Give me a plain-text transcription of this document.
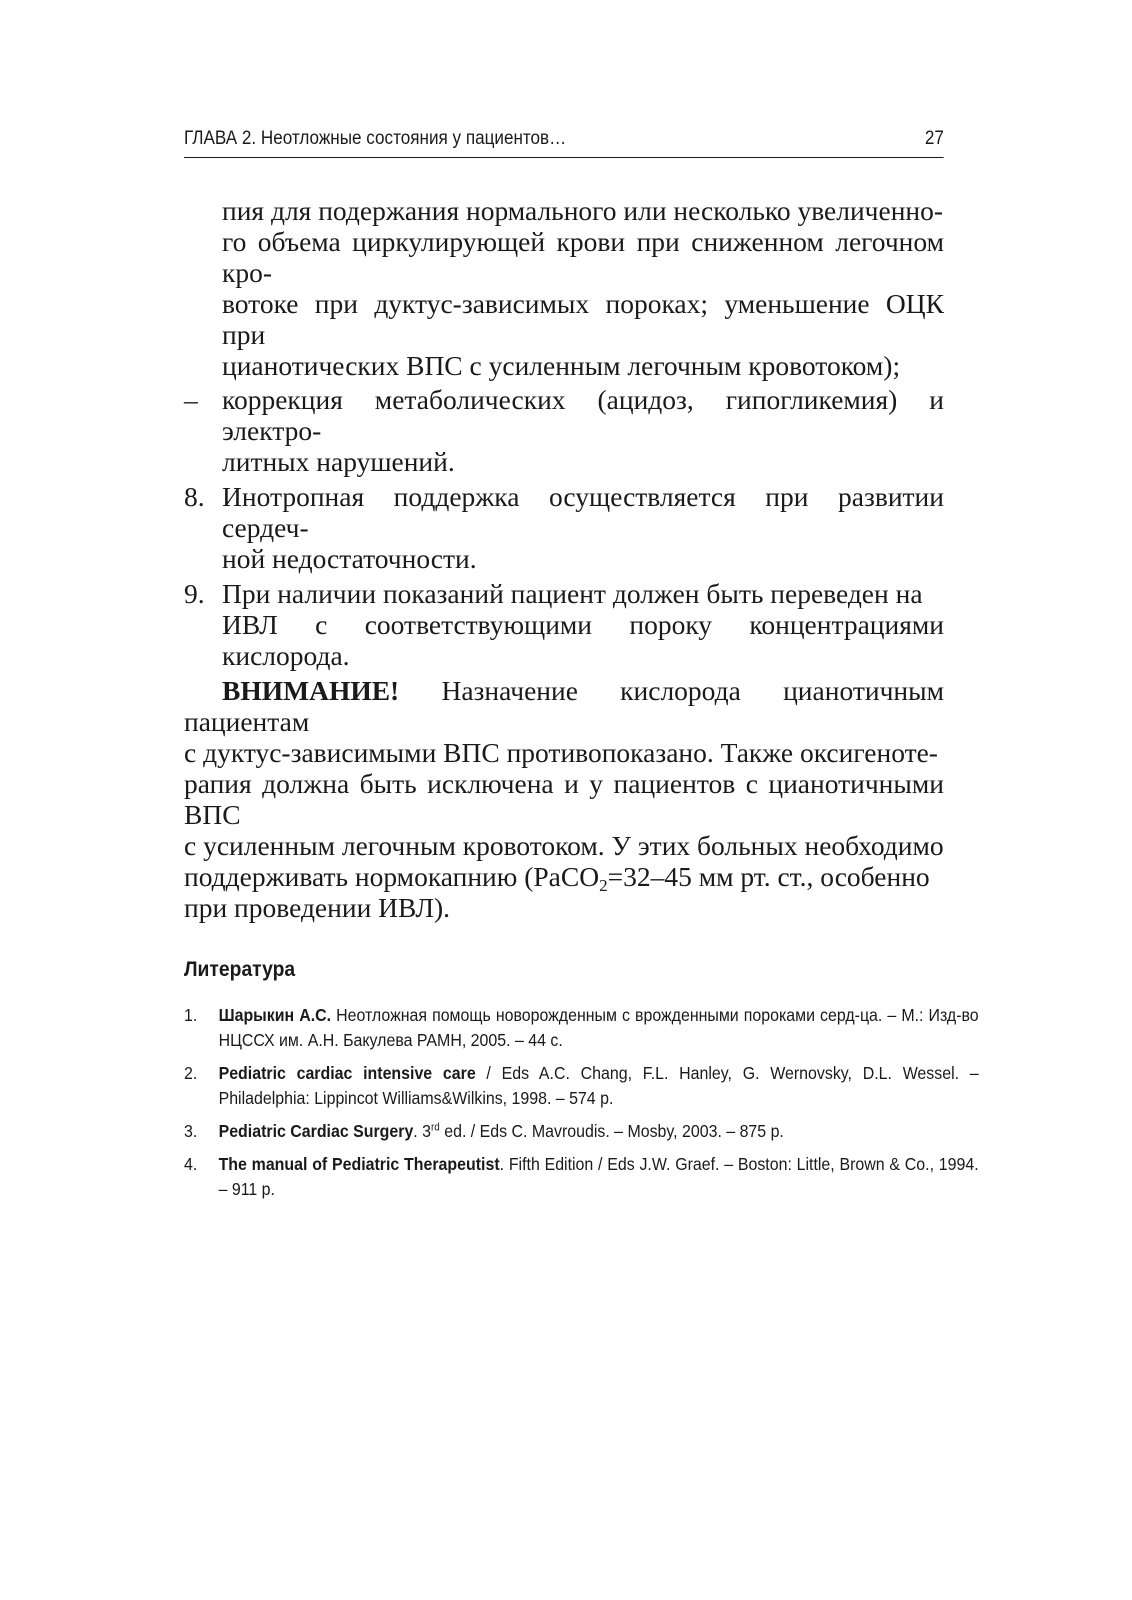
ГЛАВА 2. Неотложные состояния у пациентов…	27
пия для подержания нормального или несколько увеличенно-
го объема циркулирующей крови при сниженном легочном кро-
вотоке при дуктус-зависимых пороках; уменьшение ОЦК при
цианотических ВПС с усиленным легочным кровотоком);
– коррекция метаболических (ацидоз, гипогликемия) и электро-
литных нарушений.
8. Инотропная поддержка осуществляется при развитии сердеч-
ной недостаточности.
9. При наличии показаний пациент должен быть переведен на
ИВЛ с соответствующими пороку концентрациями кислорода.
ВНИМАНИЕ! Назначение кислорода цианотичным пациентам
с дуктус-зависимыми ВПС противопоказано. Также оксигеноте-
рапия должна быть исключена и у пациентов с цианотичными ВПС
с усиленным легочным кровотоком. У этих больных необходимо
поддерживать нормокапнию (PaCO$_2$=32–45 мм рт. ст., особенно
при проведении ИВЛ).
Литература
1. Шарыкин А.С. Неотложная помощь новорожденным с врожденными пороками серд-ца. – М.: Изд-во НЦССХ им. А.Н. Бакулева РАМН, 2005. – 44 с.
2. Pediatric cardiac intensive care / Eds A.C. Chang, F.L. Hanley, G. Wernovsky, D.L. Wessel. – Philadelphia: Lippincot Williams&Wilkins, 1998. – 574 p.
3. Pediatric Cardiac Surgery. 3rd ed. / Eds C. Mavroudis. – Mosby, 2003. – 875 p.
4. The manual of Pediatric Therapeutist. Fifth Edition / Eds J.W. Graef. – Boston: Little, Brown & Co., 1994. – 911 p.
